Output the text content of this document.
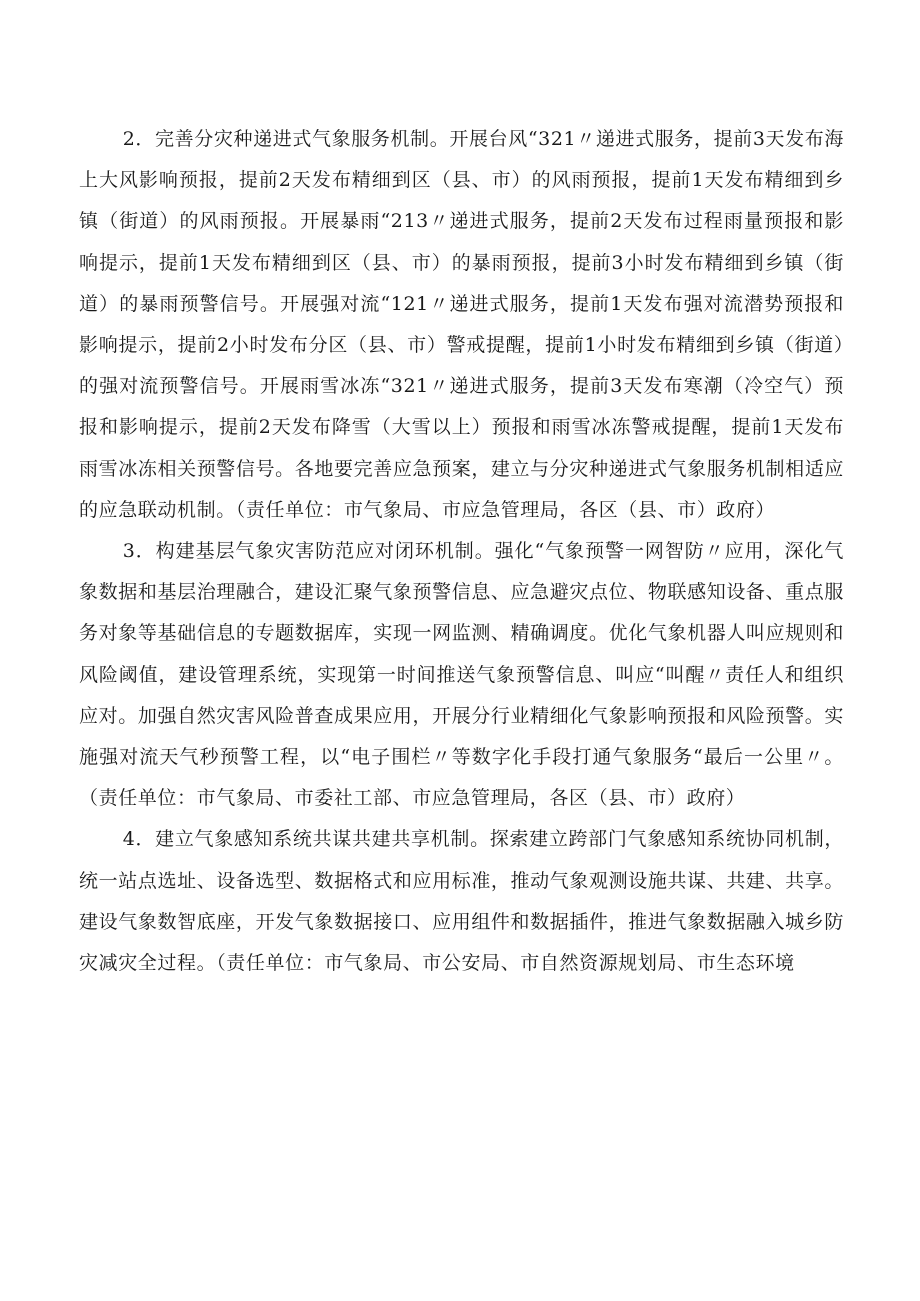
2．完善分灾种递进式气象服务机制。开展台风“321〃递进式服务，提前3天发布海上大风影响预报，提前2天发布精细到区（县、市）的风雨预报，提前1天发布精细到乡镇（街道）的风雨预报。开展暴雨“213〃递进式服务，提前2天发布过程雨量预报和影响提示，提前1天发布精细到区（县、市）的暴雨预报，提前3小时发布精细到乡镇（街道）的暴雨预警信号。开展强对流“121〃递进式服务，提前1天发布强对流潜势预报和影响提示，提前2小时发布分区（县、市）警戒提醒，提前1小时发布精细到乡镇（街道）的强对流预警信号。开展雨雪冰冻“321〃递进式服务，提前3天发布寒潮（冷空气）预报和影响提示，提前2天发布降雪（大雪以上）预报和雨雪冰冻警戒提醒，提前1天发布雨雪冰冻相关预警信号。各地要完善应急预案，建立与分灾种递进式气象服务机制相适应的应急联动机制。（责任单位：市气象局、市应急管理局，各区（县、市）政府）

3．构建基层气象灾害防范应对闭环机制。强化“气象预警一网智防〃应用，深化气象数据和基层治理融合，建设汇聚气象预警信息、应急避灾点位、物联感知设备、重点服务对象等基础信息的专题数据库，实现一网监测、精确调度。优化气象机器人叫应规则和风险阈值，建设管理系统，实现第一时间推送气象预警信息、叫应“叫醒〃责任人和组织应对。加强自然灾害风险普查成果应用，开展分行业精细化气象影响预报和风险预警。实施强对流天气秒预警工程，以“电子围栏〃等数字化手段打通气象服务“最后一公里〃。（责任单位：市气象局、市委社工部、市应急管理局，各区（县、市）政府）

4．建立气象感知系统共谋共建共享机制。探索建立跨部门气象感知系统协同机制，统一站点选址、设备选型、数据格式和应用标准，推动气象观测设施共谋、共建、共享。建设气象数智底座，开发气象数据接口、应用组件和数据插件，推进气象数据融入城乡防灾减灾全过程。（责任单位：市气象局、市公安局、市自然资源规划局、市生态环境
